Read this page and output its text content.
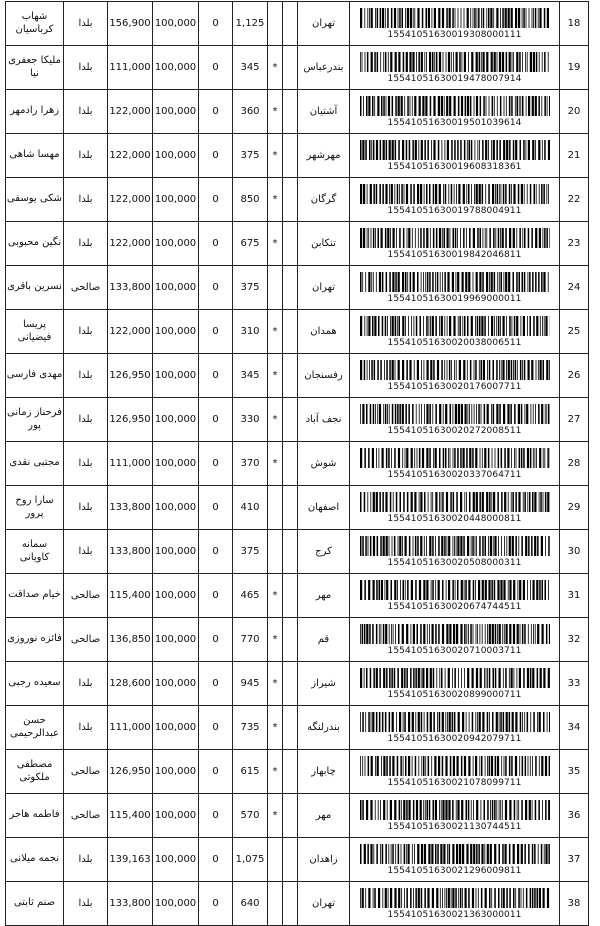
شهاب کرباسیان	بلدا	156,900	100,000	0	1,125			تهران	15541051630019308000111	18
ملیکا جعفری نیا	بلدا	111,000	100,000	0	345	*		بندرعباس	15541051630019478007914	19
زهرا رادمهر	بلدا	122,000	100,000	0	360	*		آشتیان	15541051630019501039614	20
مهسا شاهی	بلدا	122,000	100,000	0	375	*		مهرشهر	15541051630019608318361	21
شکی یوسفی	بلدا	122,000	100,000	0	850	*		گرگان	15541051630019788004911	22
نگین محبوبی	بلدا	122,000	100,000	0	675	*		تنکابن	15541051630019842046811	23
نسرین باقری	صالحی	133,800	100,000	0	375			تهران	15541051630019969000011	24
پریسا فیضیانی	بلدا	122,000	100,000	0	310	*		همدان	15541051630020038006511	25
مهدی فارسی	بلدا	126,950	100,000	0	345	*		رفسنجان	15541051630020176007711	26
فرحناز زمانی پور	بلدا	126,950	100,000	0	330	*		نجف آباد	15541051630020272008511	27
مجتبی نقدی	بلدا	111,000	100,000	0	370	*		شوش	15541051630020337064711	28
سارا روح پرور	بلدا	133,800	100,000	0	410			اصفهان	15541051630020448000811	29
سمانه کاویانی	بلدا	133,800	100,000	0	375			کرج	15541051630020508000311	30
خیام صداقت	صالحی	115,400	100,000	0	465	*		مهر	15541051630020674744511	31
فائزه نوروزی	صالحی	136,850	100,000	0	770	*		قم	15541051630020710003711	32
سعیده رجبی	بلدا	128,600	100,000	0	945	*		شیراز	15541051630020899000711	33
حسن عبدالرحیمی	بلدا	111,000	100,000	0	735	*		بندرلنگه	15541051630020942079711	34
مصطفی ملکوتی	صالحی	126,950	100,000	0	615	*		چابهار	15541051630021078099711	35
فاطمه هاجر	صالحی	115,400	100,000	0	570	*		مهر	15541051630021130744511	36
نجمه میلانی	بلدا	139,163	100,000	0	1,075			زاهدان	15541051630021296009811	37
صنم ثابتی	بلدا	133,800	100,000	0	640			تهران	15541051630021363000011	38
